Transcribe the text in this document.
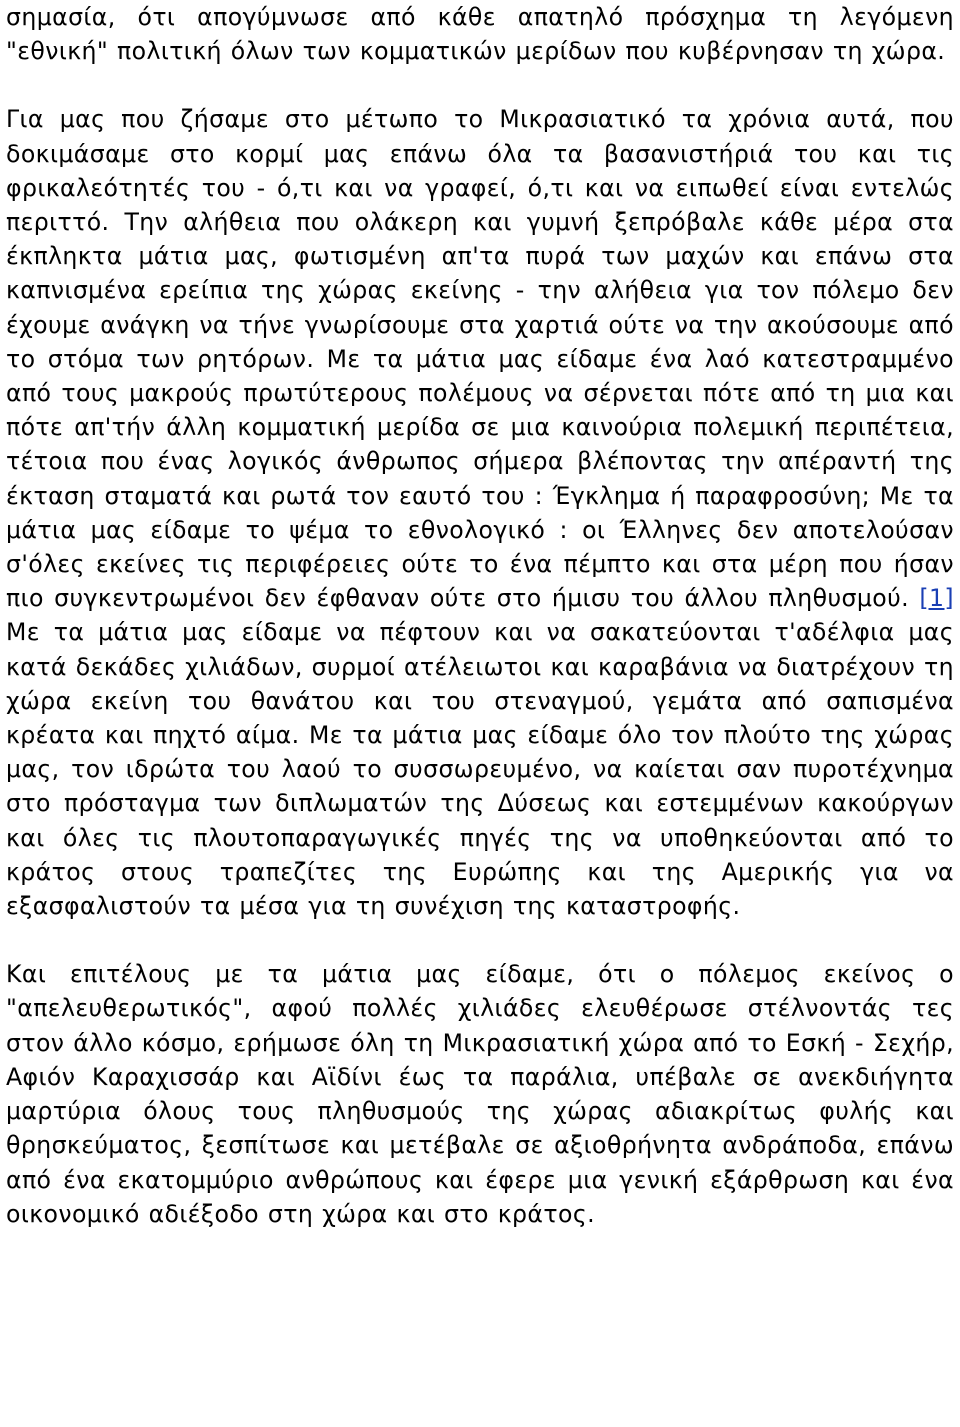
σημασία, ότι απογύμνωσε από κάθε απατηλό πρόσχημα τη λεγόμενη "εθνική" πολιτική όλων των κομματικών μερίδων που κυβέρνησαν τη χώρα.

Για μας που ζήσαμε στο μέτωπο το Μικρασιατικό τα χρόνια αυτά, που δοκιμάσαμε στο κορμί μας επάνω όλα τα βασανιστήριά του και τις φρικαλεότητές του - ό,τι και να γραφεί, ό,τι και να ειπωθεί είναι εντελώς περιττό. Την αλήθεια που ολάκερη και γυμνή ξεπρόβαλε κάθε μέρα στα έκπληκτα μάτια μας, φωτισμένη απ'τα πυρά των μαχών και επάνω στα καπνισμένα ερείπια της χώρας εκείνης - την αλήθεια για τον πόλεμο δεν έχουμε ανάγκη να τήνε γνωρίσουμε στα χαρτιά ούτε να την ακούσουμε από το στόμα των ρητόρων. Με τα μάτια μας είδαμε ένα λαό κατεστραμμένο από τους μακρούς πρωτύτερους πολέμους να σέρνεται πότε από τη μια και πότε απ'τήν άλλη κομματική μερίδα σε μια καινούρια πολεμική περιπέτεια, τέτοια που ένας λογικός άνθρωπος σήμερα βλέποντας την απέραντή της έκταση σταματά και ρωτά τον εαυτό του : Έγκλημα ή παραφροσύνη; Με τα μάτια μας είδαμε το ψέμα το εθνολογικό : οι Έλληνες δεν αποτελούσαν σ'όλες εκείνες τις περιφέρειες ούτε το ένα πέμπτο και στα μέρη που ήσαν πιο συγκεντρωμένοι δεν έφθαναν ούτε στο ήμισυ του άλλου πληθυσμού. [1] Με τα μάτια μας είδαμε να πέφτουν και να σακατεύονται τ'αδέλφια μας κατά δεκάδες χιλιάδων, συρμοί ατέλειωτοι και καραβάνια να διατρέχουν τη χώρα εκείνη του θανάτου και του στεναγμού, γεμάτα από σαπισμένα κρέατα και πηχτό αίμα. Με τα μάτια μας είδαμε όλο τον πλούτο της χώρας μας, τον ιδρώτα του λαού το συσσωρευμένο, να καίεται σαν πυροτέχνημα στο πρόσταγμα των διπλωματών της Δύσεως και εστεμμένων κακούργων και όλες τις πλουτοπαραγωγικές πηγές της να υποθηκεύονται από το κράτος στους τραπεζίτες της Ευρώπης και της Αμερικής για να εξασφαλιστούν τα μέσα για τη συνέχιση της καταστροφής.

Και επιτέλους με τα μάτια μας είδαμε, ότι ο πόλεμος εκείνος ο "απελευθερωτικός", αφού πολλές χιλιάδες ελευθέρωσε στέλνοντάς τες στον άλλο κόσμο, ερήμωσε όλη τη Μικρασιατική χώρα από το Εσκή - Σεχήρ, Αφιόν Καραχισσάρ και Αϊδίνι έως τα παράλια, υπέβαλε σε ανεκδιήγητα μαρτύρια όλους τους πληθυσμούς της χώρας αδιακρίτως φυλής και θρησκεύματος, ξεσπίτωσε και μετέβαλε σε αξιοθρήνητα ανδράποδα, επάνω από ένα εκατομμύριο ανθρώπους και έφερε μια γενική εξάρθρωση και ένα οικονομικό αδιέξοδο στη χώρα και στο κράτος.
